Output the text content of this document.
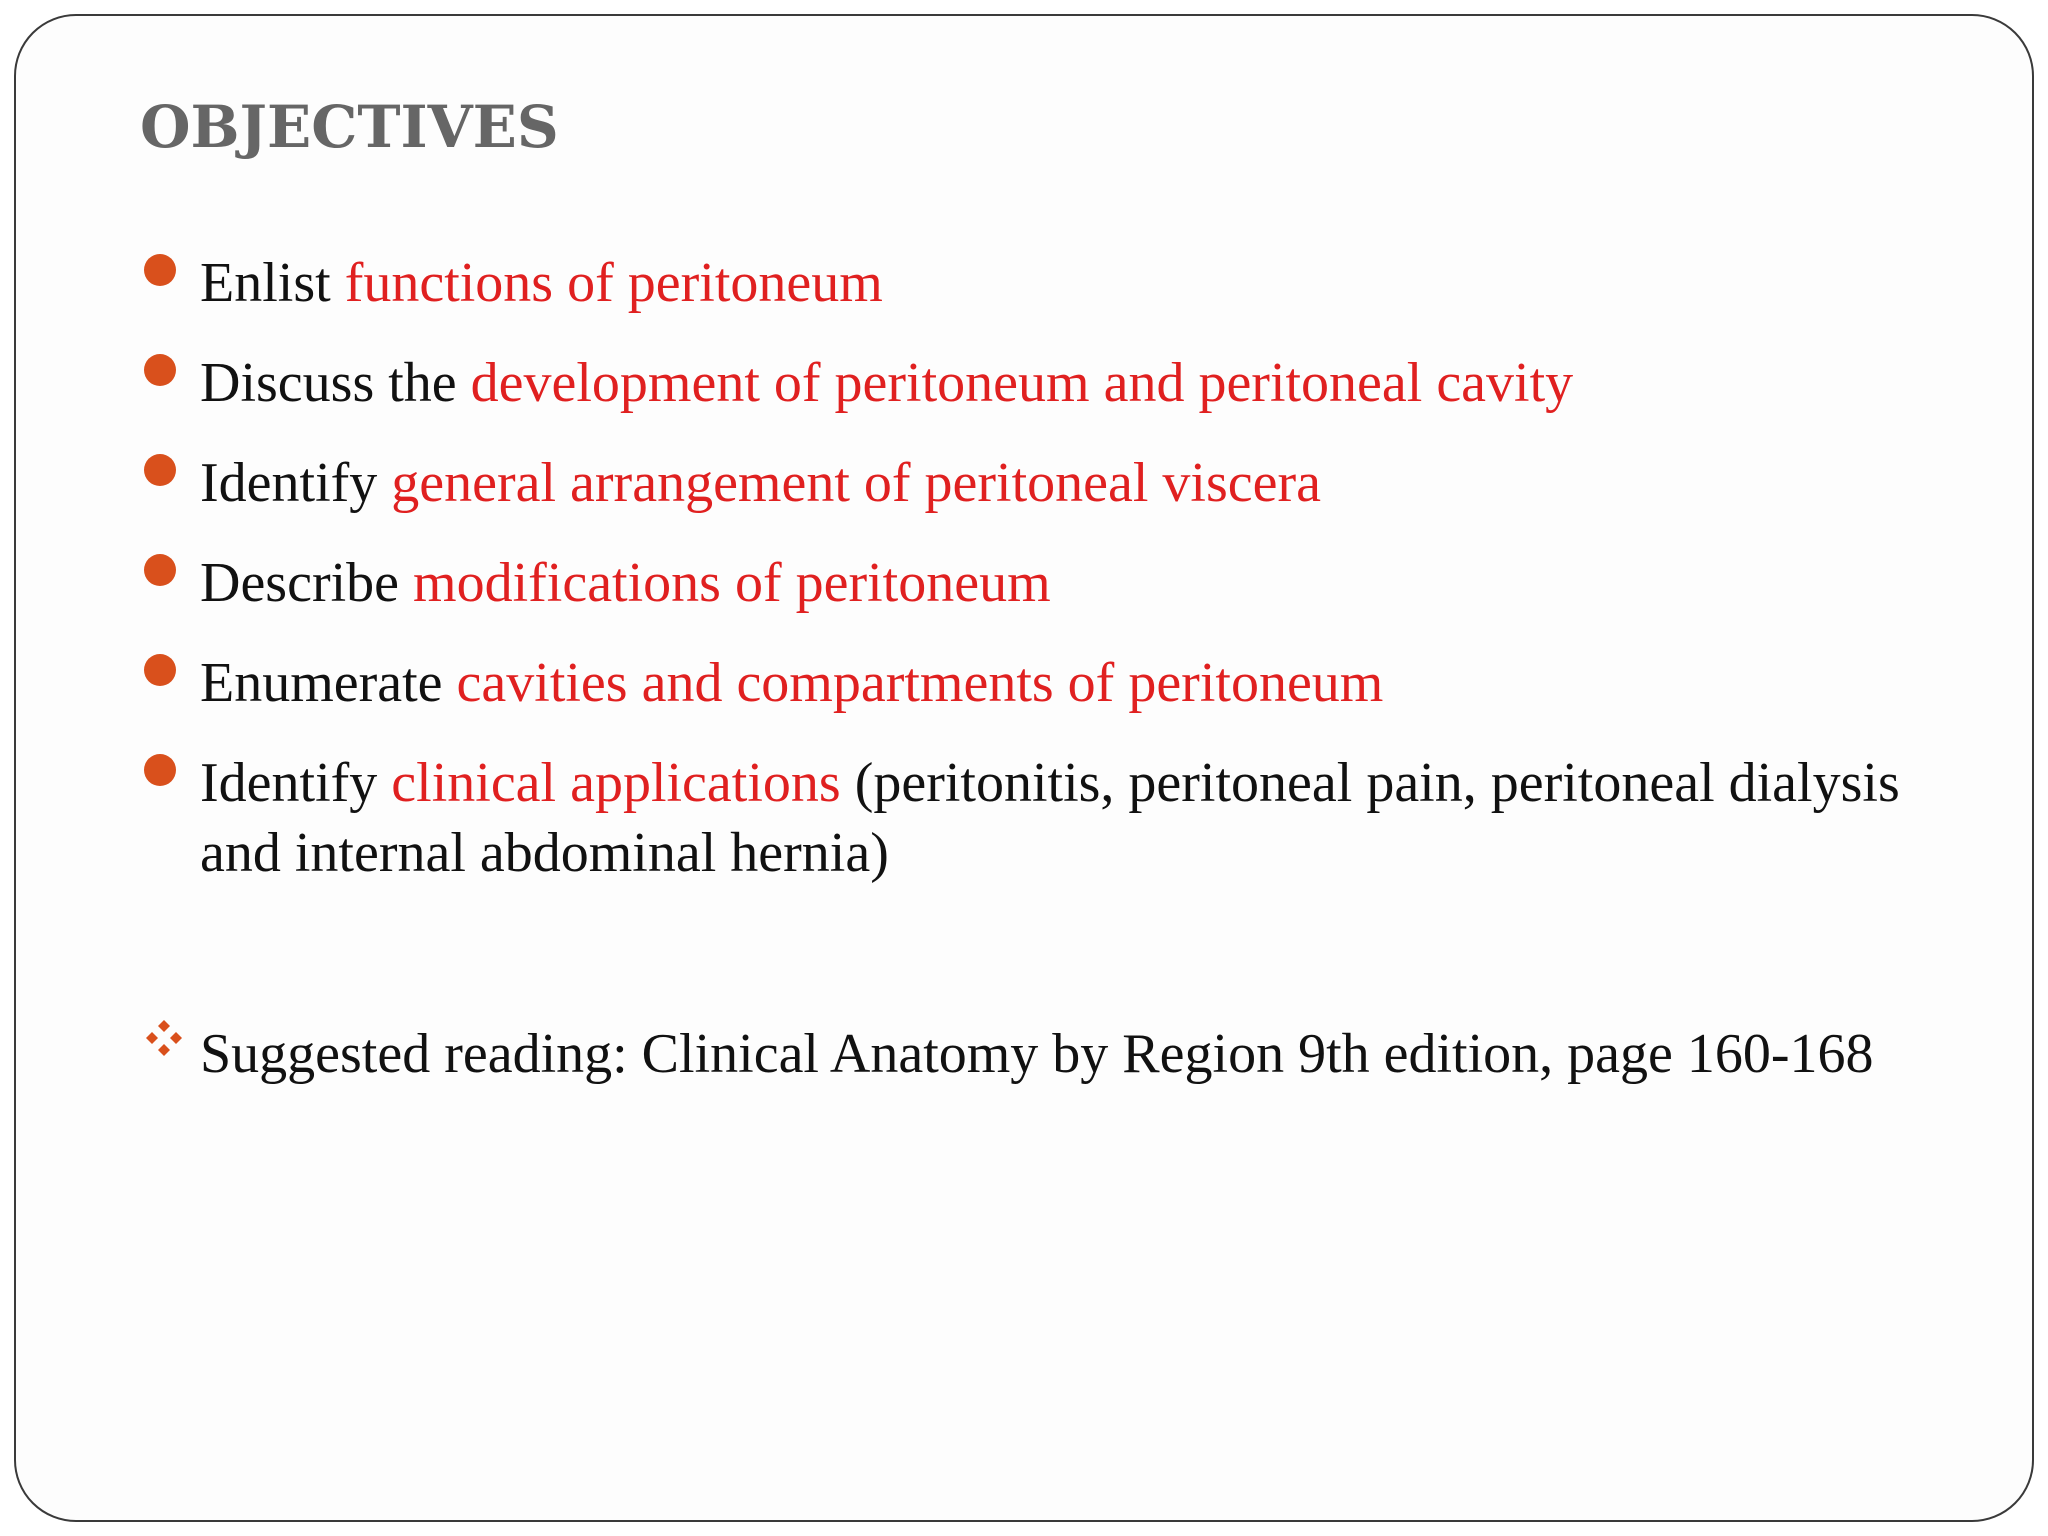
OBJECTIVES
Enlist functions of peritoneum
Discuss the development of peritoneum and peritoneal cavity
Identify general arrangement of peritoneal viscera
Describe modifications of peritoneum
Enumerate cavities and compartments of peritoneum
Identify clinical applications (peritonitis, peritoneal pain, peritoneal dialysis and internal abdominal hernia)
Suggested reading: Clinical Anatomy by Region 9th edition, page 160-168
